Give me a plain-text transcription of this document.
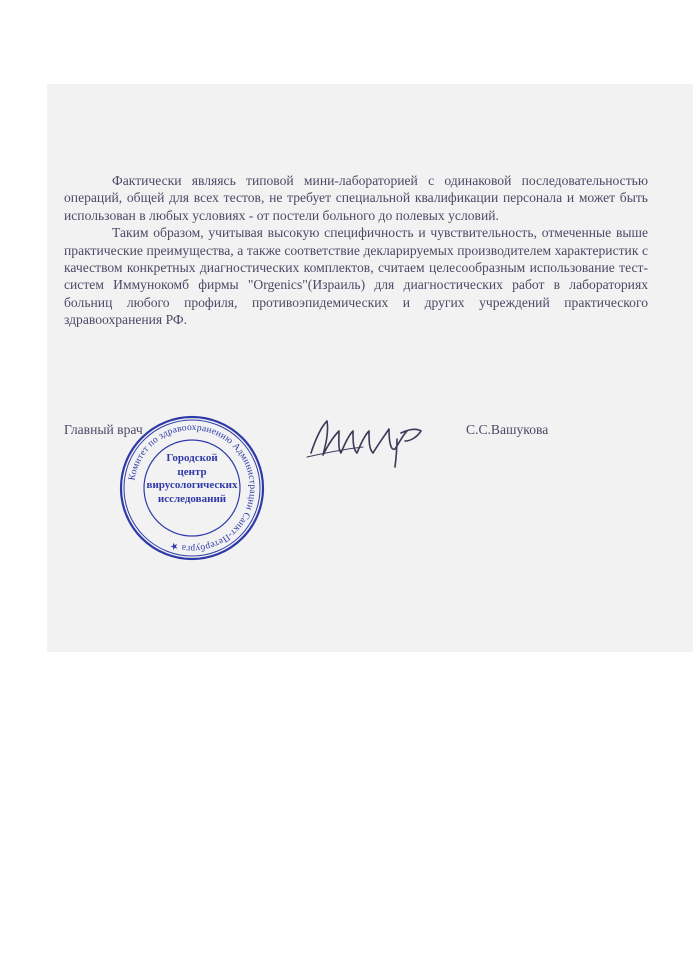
Фактически являясь типовой мини-лабораторией с одинаковой последовательностью операций, общей для всех тестов, не требует специальной квалификации персонала и может быть использован в любых условиях - от постели больного до полевых условий.

Таким образом, учитывая высокую специфичность и чувствительность, отмеченные выше практические преимущества, а также соответствие декларируемых производителем характеристик с качеством конкретных диагностических комплектов, считаем целесообразным использование тест-систем Иммунокомб фирмы "Orgenics"(Израиль) для диагностических работ в лабораториях больниц любого профиля, противоэпидемических и других учреждений практического здравоохранения РФ.

Главный врач	С.С.Вашукова
Комитет по здравоохранению Администрации Санкт-Петербурга ★
Городской
центр
вирусологических
исследований
